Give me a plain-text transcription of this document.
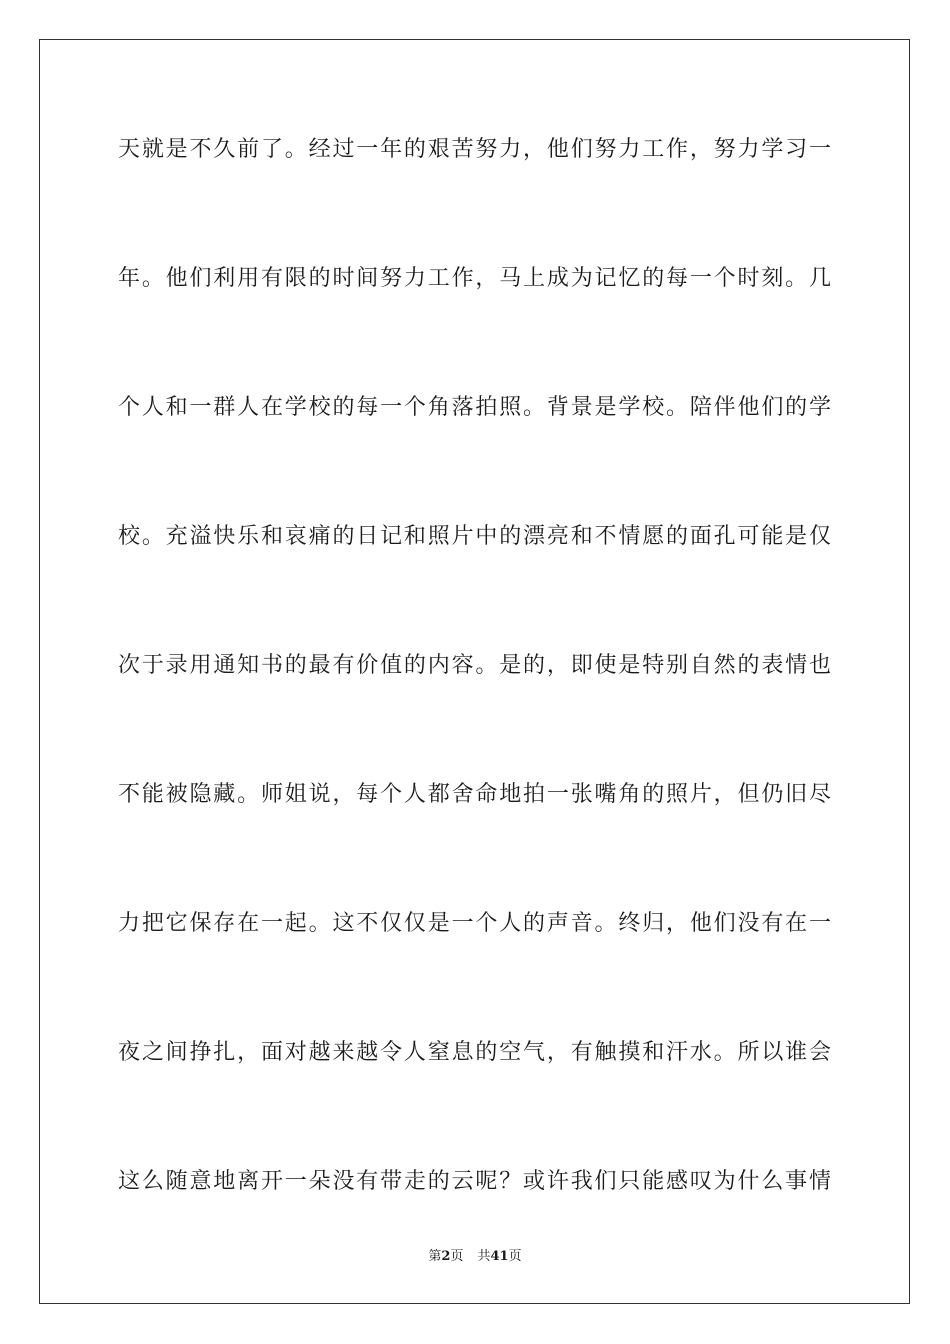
天就是不久前了。经过一年的艰苦努力，他们努力工作，努力学习一
年。他们利用有限的时间努力工作，马上成为记忆的每一个时刻。几
个人和一群人在学校的每一个角落拍照。背景是学校。陪伴他们的学
校。充溢快乐和哀痛的日记和照片中的漂亮和不情愿的面孔可能是仅
次于录用通知书的最有价值的内容。是的，即使是特别自然的表情也
不能被隐藏。师姐说，每个人都舍命地拍一张嘴角的照片，但仍旧尽
力把它保存在一起。这不仅仅是一个人的声音。终归，他们没有在一
夜之间挣扎，面对越来越令人窒息的空气，有触摸和汗水。所以谁会
这么随意地离开一朵没有带走的云呢？或许我们只能感叹为什么事情
第2页 共41页
